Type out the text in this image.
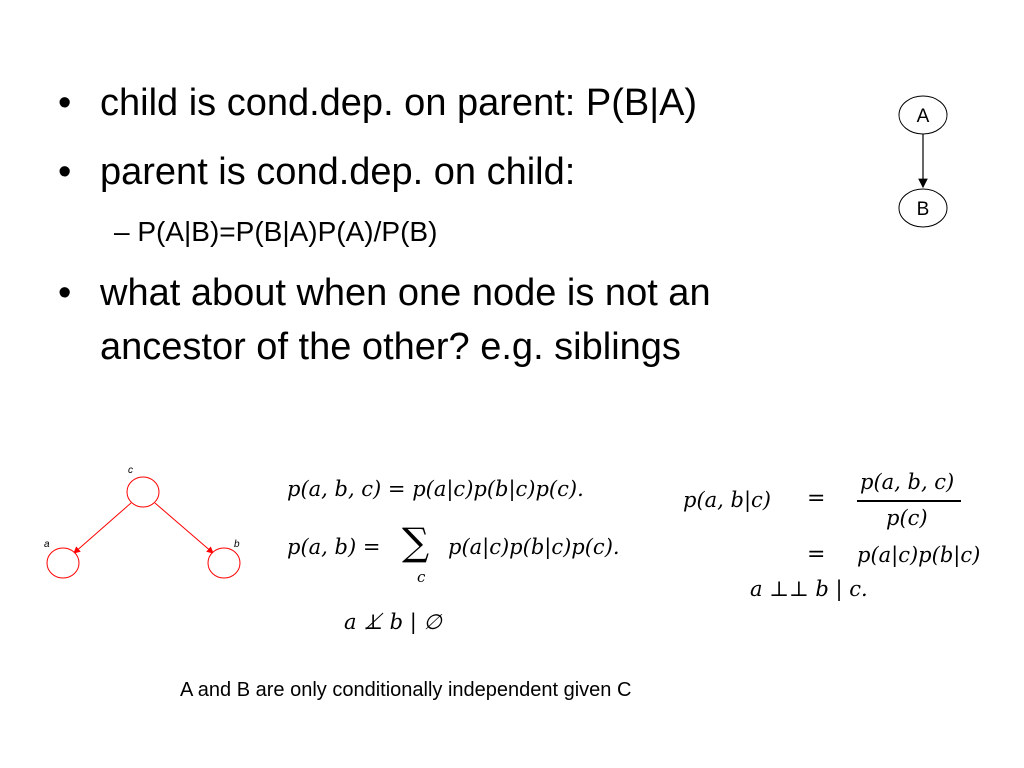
• child is cond.dep. on parent: P(B|A)
• parent is cond.dep. on child:
– P(A|B)=P(B|A)P(A)/P(B)
• what about when one node is not an
ancestor of the other? e.g. siblings
A
B
c
a	b
p(a, b, c) = p(a|c)p(b|c)p(c).
p(a, b) = ∑
c
p(a|c)p(b|c)p(c).
a ⊥̸ b | ∅
p(a, b|c) =
p(a, b, c)
p(c)
= p(a|c)p(b|c)
a ⊥⊥ b | c.
A and B are only conditionally independent given C
